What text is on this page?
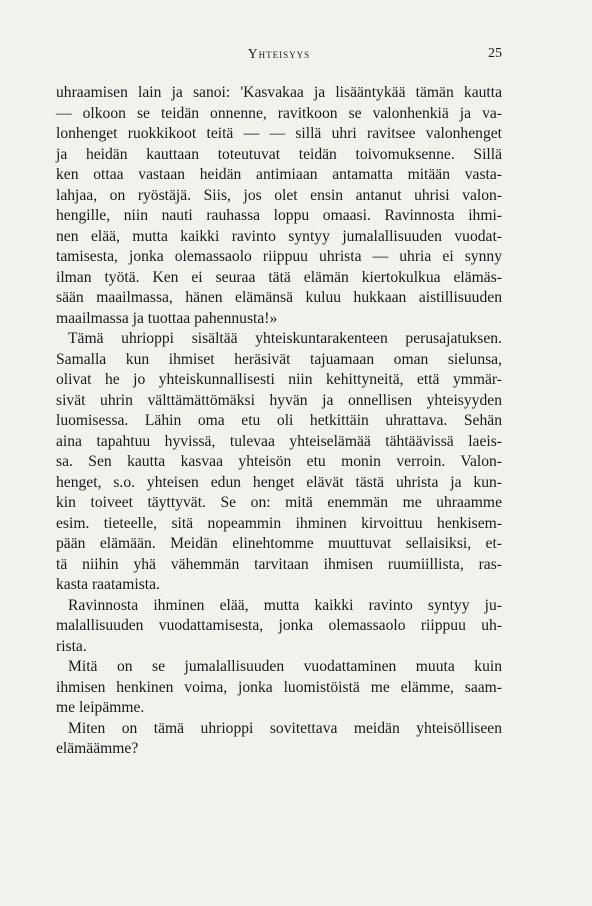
Yhteisyys	25
uhraamisen lain ja sanoi: 'Kasvakaa ja lisääntykää tämän kautta
— olkoon se teidän onnenne, ravitkoon se valonhenkiä ja va-
lonhenget ruokkikoot teitä — — sillä uhri ravitsee valonhenget
ja heidän kauttaan toteutuvat teidän toivomuksenne. Sillä
ken ottaa vastaan heidän antimiaan antamatta mitään vasta-
lahjaa, on ryöstäjä. Siis, jos olet ensin antanut uhrisi valon-
hengille, niin nauti rauhassa loppu omaasi. Ravinnosta ihmi-
nen elää, mutta kaikki ravinto syntyy jumalallisuuden vuodat-
tamisesta, jonka olemassaolo riippuu uhrista — uhria ei synny
ilman työtä. Ken ei seuraa tätä elämän kiertokulkua elämäs-
sään maailmassa, hänen elämänsä kuluu hukkaan aistillisuuden
maailmassa ja tuottaa pahennusta!»
Tämä uhrioppi sisältää yhteiskuntarakenteen perusajatuksen.
Samalla kun ihmiset heräsivät tajuamaan oman sielunsa,
olivat he jo yhteiskunnallisesti niin kehittyneitä, että ymmär-
sivät uhrin välttämättömäksi hyvän ja onnellisen yhteisyyden
luomisessa. Lähin oma etu oli hetkittäin uhrattava. Sehän
aina tapahtuu hyvissä, tulevaa yhteiselämää tähtäävissä laeis-
sa. Sen kautta kasvaa yhteisön etu monin verroin. Valon-
henget, s.o. yhteisen edun henget elävät tästä uhrista ja kun-
kin toiveet täyttyvät. Se on: mitä enemmän me uhraamme
esim. tieteelle, sitä nopeammin ihminen kirvoittuu henkisem-
pään elämään. Meidän elinehtomme muuttuvat sellaisiksi, et-
tä niihin yhä vähemmän tarvitaan ihmisen ruumiillista, ras-
kasta raatamista.
Ravinnosta ihminen elää, mutta kaikki ravinto syntyy ju-
malallisuuden vuodattamisesta, jonka olemassaolo riippuu uh-
rista.
Mitä on se jumalallisuuden vuodattaminen muuta kuin
ihmisen henkinen voima, jonka luomistöistä me elämme, saam-
me leipämme.
Miten on tämä uhrioppi sovitettava meidän yhteisölliseen
elämäämme?
